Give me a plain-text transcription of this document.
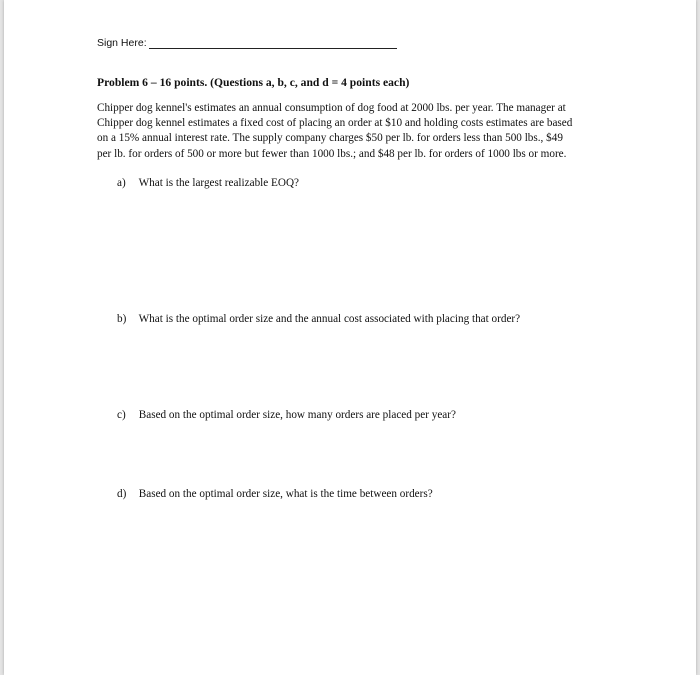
Sign Here:
Problem 6 – 16 points. (Questions a, b, c, and d = 4 points each)
Chipper dog kennel's estimates an annual consumption of dog food at 2000 lbs. per year. The manager at
Chipper dog kennel estimates a fixed cost of placing an order at $10 and holding costs estimates are based
on a 15% annual interest rate. The supply company charges $50 per lb. for orders less than 500 lbs., $49
per lb. for orders of 500 or more but fewer than 1000 lbs.; and $48 per lb. for orders of 1000 lbs or more.
a) What is the largest realizable EOQ?
b) What is the optimal order size and the annual cost associated with placing that order?
c) Based on the optimal order size, how many orders are placed per year?
d) Based on the optimal order size, what is the time between orders?
